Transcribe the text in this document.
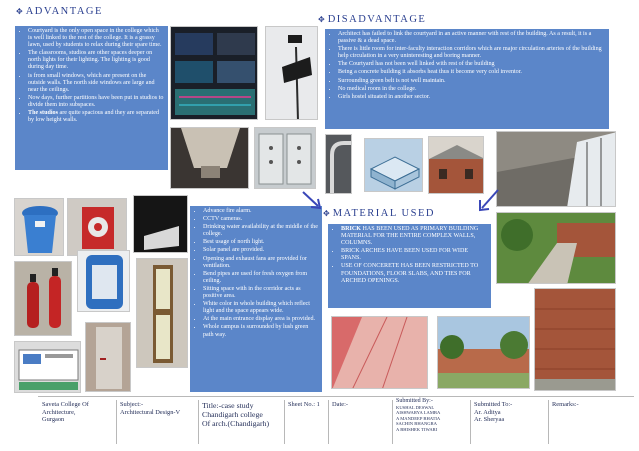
✥ ADVANTAGE
✥ DISADVANTAGE
✥ MATERIAL USED
• Courtyard is the only open space in the college which is well linked to the rest of the college. It is a grassy lawn, used by students to relax during their spare time.
• The classrooms, studios are other spaces deeper on north lights for their lighting. The lighting is good during day time.
• is from small windows, which are present on the outside walls. The north side windows are large and near the ceilings.
• Now days, further partitions have been put in studios to divide them into subspaces.
• The studios are quite spacious and they are separated by low height walls.
• Architect has failed to link the courtyard in an active manner with rest of the building. As a result, it is a passive & a dead space.
• There is little room for inter-faculty interaction corridors which are major circulation arteries of the building help circulation in a very uninteresting and boring manner.
• The Courtyard has not been well linked with rest of the building
• Being a concrete building it absorbs heat thus it become very cold inventor.
• Surrounding green belt is not well maintain.
• No medical room in the college.
• Girls hostel situated in another sector.
• Advance fire alarm.
• CCTV cameras.
• Drinking water availability at the middle of the college.
• Best usage of north light.
• Solar panel are provided.
• Opening and exhaust fans are provided for ventilation.
• Bend pipes are used for fresh oxygen from ceiling.
• Sitting space with in the corridor acts as positive area.
• White color in whole building which reflect light and the space appears wide.
• At the main entrance display area is provided.
• Whole campus is surrounded by lush green path way.
• BRICK HAS BEEN USED AS PRIMARY BUILDING MATERIAL FOR THE ENTIRE COMPLEX WALLS, COLUMNS.
• BRICK ARCHES HAVE BEEN USED FOR WIDE SPANS.
• USE OF CONCERETE HAS BEEN RESTRICTED TO FOUNDATIONS, FLOOR SLABS, AND TIES FOR ARCHED OPENINGS.
Saveta College Of
Architecture,
Gurgaon
Subject:-
Architectural Design-V
Title:-case study
Chandigarh college
Of arch.(Chandigarh)
Sheet No.: 1	Date:-	Submitted By:-
KUSHAL DESWAL
AISHWARYA LAMBA
A MANDEEP BHATIA
SACHIN BHANGRA
A BHISHEK TIWARI
Submitted To:-
Ar. Aditya
Ar. Sheryaa
Remarks:-
